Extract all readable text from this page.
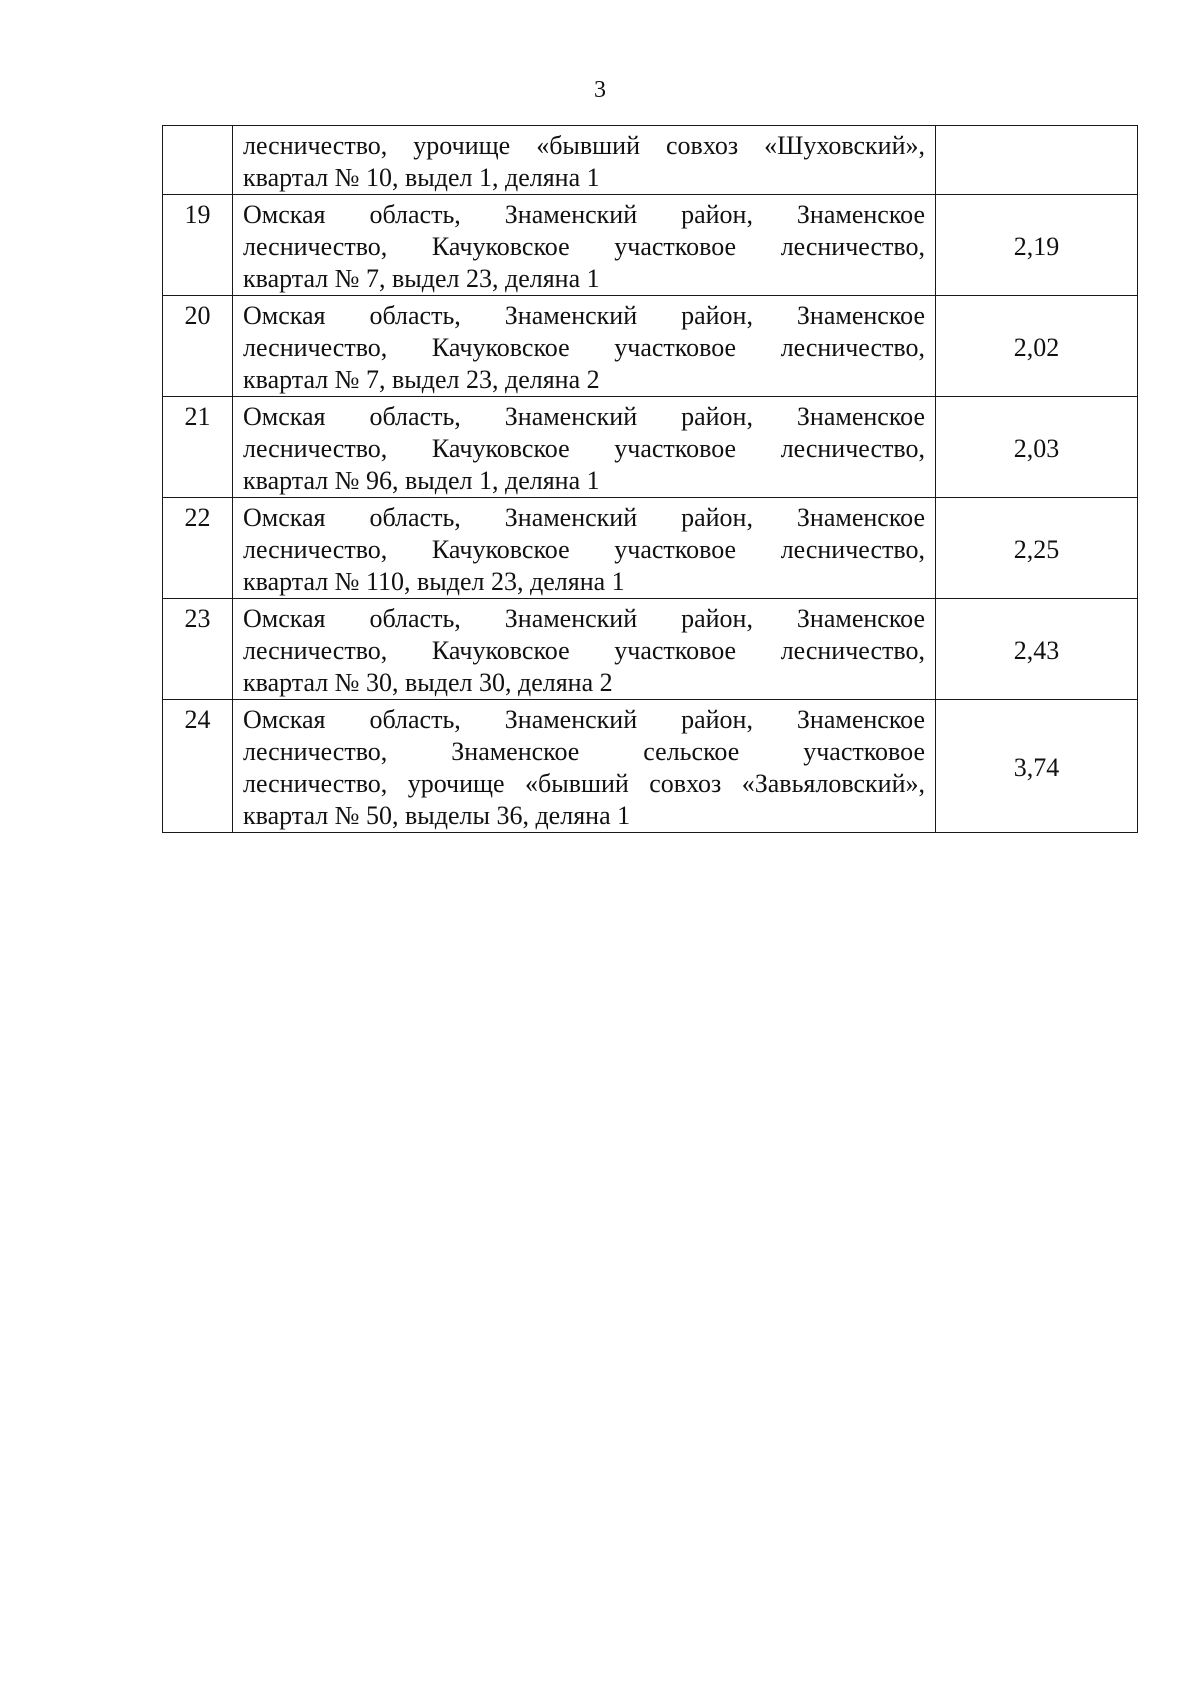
3

	лесничество, урочище «бывший совхоз «Шуховский»,
квартал № 10, выдел 1, деляна 1	

19	Омская область, Знаменский район, Знаменское
лесничество, Качуковское участковое лесничество,
квартал № 7, выдел 23, деляна 1	2,19
20	Омская область, Знаменский район, Знаменское
лесничество, Качуковское участковое лесничество,
квартал № 7, выдел 23, деляна 2	2,02
21	Омская область, Знаменский район, Знаменское
лесничество, Качуковское участковое лесничество,
квартал № 96, выдел 1, деляна 1	2,03
22	Омская область, Знаменский район, Знаменское
лесничество, Качуковское участковое лесничество,
квартал № 110, выдел 23, деляна 1	2,25
23	Омская область, Знаменский район, Знаменское
лесничество, Качуковское участковое лесничество,
квартал № 30, выдел 30, деляна 2	2,43
24	Омская область, Знаменский район, Знаменское
лесничество, Знаменское сельское участковое
лесничество, урочище «бывший совхоз «Завьяловский»,
квартал № 50, выделы 36, деляна 1	3,74
